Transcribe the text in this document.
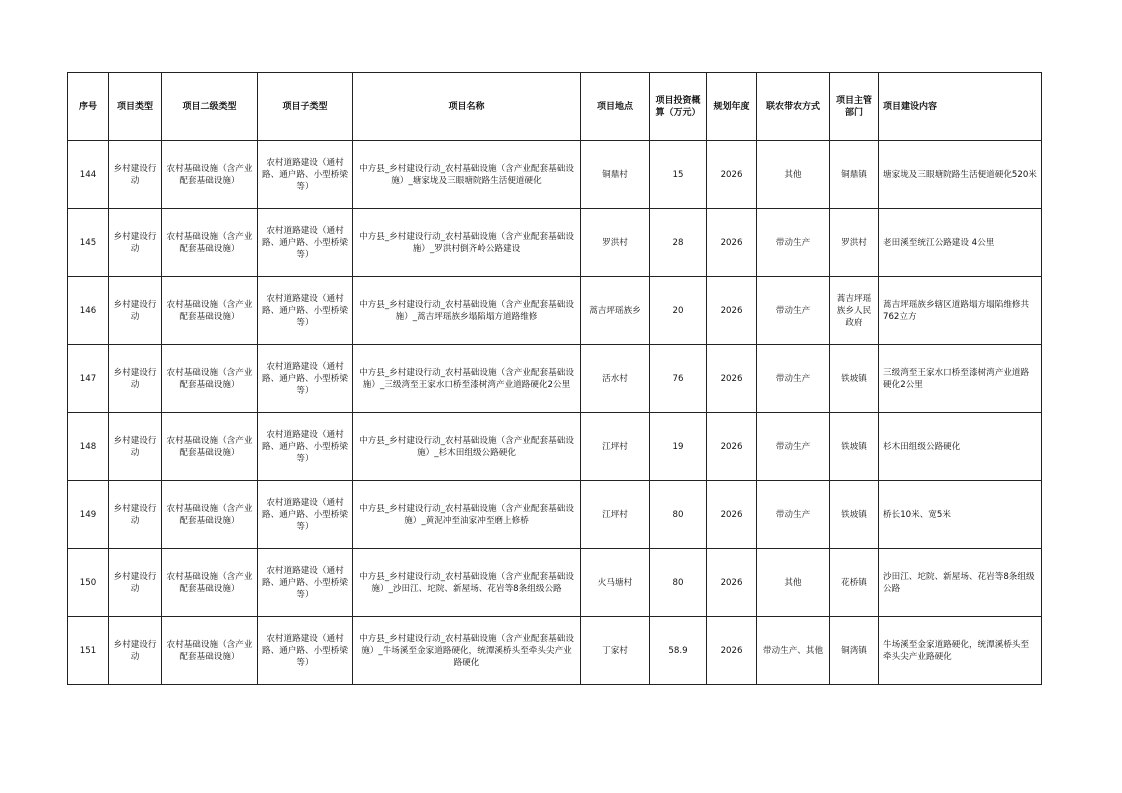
序号	项目类型	项目二级类型	项目子类型	项目名称	项目地点	项目投资概算（万元）	规划年度	联农带农方式	项目主管部门	项目建设内容
144	乡村建设行动	农村基础设施（含产业配套基础设施）	农村道路建设（通村路、通户路、小型桥梁等）	中方县_乡村建设行动_农村基础设施（含产业配套基础设施）_塘家垅及三眼塘院路生活便道硬化	铜鼎村	15	2026	其他	铜鼎镇	塘家垅及三眼塘院路生活便道硬化520米
145	乡村建设行动	农村基础设施（含产业配套基础设施）	农村道路建设（通村路、通户路、小型桥梁等）	中方县_乡村建设行动_农村基础设施（含产业配套基础设施）_罗洪村倒齐岭公路建设	罗洪村	28	2026	带动生产	罗洪村	老田溪至统江公路建设 4公里
146	乡村建设行动	农村基础设施（含产业配套基础设施）	农村道路建设（通村路、通户路、小型桥梁等）	中方县_乡村建设行动_农村基础设施（含产业配套基础设施）_蒿吉坪瑶族乡塌陷塌方道路维修	蒿吉坪瑶族乡	20	2026	带动生产	蒿吉坪瑶族乡人民政府	蒿吉坪瑶族乡辖区道路塌方塌陷维修共762立方
147	乡村建设行动	农村基础设施（含产业配套基础设施）	农村道路建设（通村路、通户路、小型桥梁等）	中方县_乡村建设行动_农村基础设施（含产业配套基础设施）_三级湾至王家水口桥至漆树湾产业道路硬化2公里	活水村	76	2026	带动生产	铁坡镇	三级湾至王家水口桥至漆树湾产业道路硬化2公里
148	乡村建设行动	农村基础设施（含产业配套基础设施）	农村道路建设（通村路、通户路、小型桥梁等）	中方县_乡村建设行动_农村基础设施（含产业配套基础设施）_杉木田组级公路硬化	江坪村	19	2026	带动生产	铁坡镇	杉木田组级公路硬化
149	乡村建设行动	农村基础设施（含产业配套基础设施）	农村道路建设（通村路、通户路、小型桥梁等）	中方县_乡村建设行动_农村基础设施（含产业配套基础设施）_黄泥冲至油家冲至磨上修桥	江坪村	80	2026	带动生产	铁坡镇	桥长10米、宽5米
150	乡村建设行动	农村基础设施（含产业配套基础设施）	农村道路建设（通村路、通户路、小型桥梁等）	中方县_乡村建设行动_农村基础设施（含产业配套基础设施）_沙田江、坨院、新屋场、花岩等8条组级公路	火马塘村	80	2026	其他	花桥镇	沙田江、坨院、新屋场、花岩等8条组级公路
151	乡村建设行动	农村基础设施（含产业配套基础设施）	农村道路建设（通村路、通户路、小型桥梁等）	中方县_乡村建设行动_农村基础设施（含产业配套基础设施）_牛场溪至金家道路硬化，统潭溪桥头至牵头尖产业路硬化	丁家村	58.9	2026	带动生产、其他	铜湾镇	牛场溪至金家道路硬化，统潭溪桥头至牵头尖产业路硬化
